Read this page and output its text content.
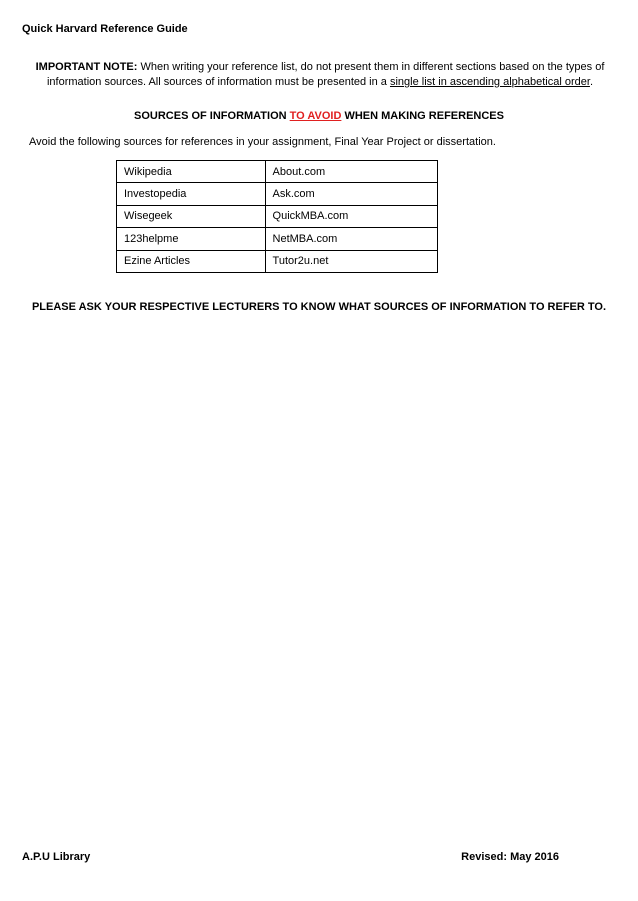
Quick Harvard Reference Guide
IMPORTANT NOTE: When writing your reference list, do not present them in different sections based on the types of information sources. All sources of information must be presented in a single list in ascending alphabetical order.
SOURCES OF INFORMATION TO AVOID WHEN MAKING REFERENCES
Avoid the following sources for references in your assignment, Final Year Project or dissertation.
Wikipedia	About.com
Investopedia	Ask.com
Wisegeek	QuickMBA.com
123helpme	NetMBA.com
Ezine Articles	Tutor2u.net
PLEASE ASK YOUR RESPECTIVE LECTURERS TO KNOW WHAT SOURCES OF INFORMATION TO REFER TO.
A.P.U Library	Revised: May 2016
